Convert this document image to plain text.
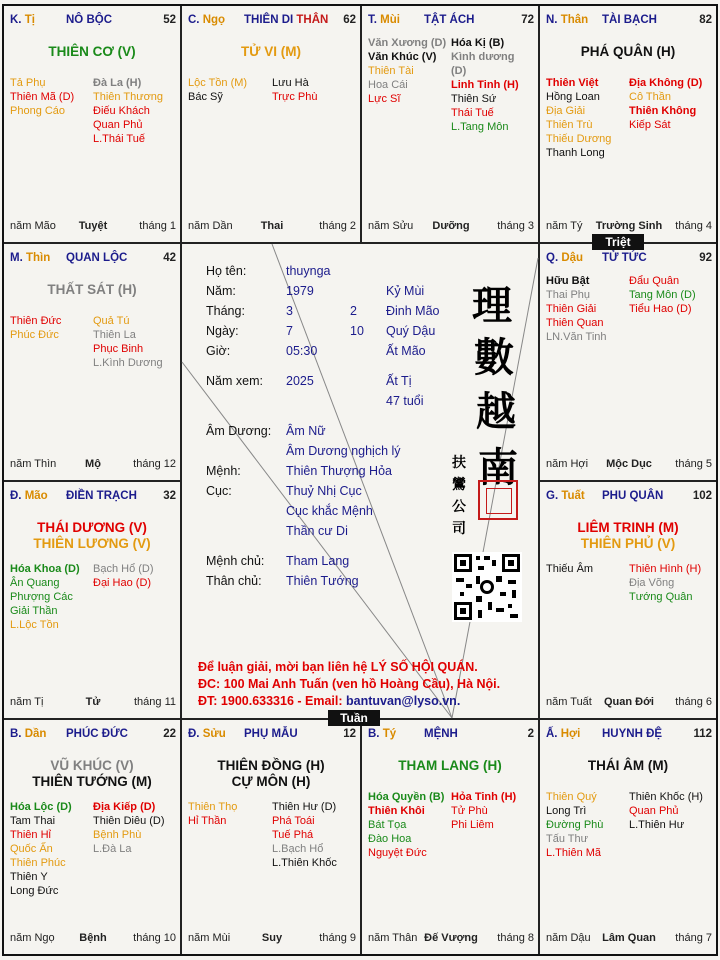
K. Tị	NÔ BỘC	52
THIÊN CƠ (V)
Tả Phụ
Thiên Mã (D)
Phong Cáo
Đà La (H)
Thiên Thương
Điếu Khách
Quan Phủ
L.Thái Tuế
năm Mão	Tuyệt	tháng 1
C. Ngọ THIÊN DI THÂN 62
TỬ VI (M)
Lộc Tồn (M)
Bác Sỹ
Lưu Hà
Trực Phù
năm Dần	Thai	tháng 2
T. Mùi TẬT ÁCH	72
Văn Xương (D)
Văn Khúc (V)
Thiên Tài
Hoa Cái
Lực Sĩ
Hóa Kị (B)
Kình dương (D)
Linh Tinh (H)
Thiên Sứ
Thái Tuế
L.Tang Môn
năm Sửu	Dưỡng	tháng 3
N. Thân TÀI BẠCH	82
PHÁ QUÂN (H)
Thiên Việt
Hồng Loan
Địa Giải
Thiên Trù
Thiếu Dương
Thanh Long
Địa Không (D)
Cô Thần
Thiên Không
Kiếp Sát
năm Tý	Trường Sinh	tháng 4
M. Thìn QUAN LỘC	42
THẤT SÁT (H)
Thiên Đức
Phúc Đức
Quả Tú
Thiên La
Phục Binh
L.Kình Dương
năm Thìn	Mộ	tháng 12
Q. Dậu TỬ TỨC	92
Hữu Bật
Thai Phụ
Thiên Giải
Thiên Quan
LN.Văn Tinh
Đẩu Quân
Tang Môn (D)
Tiểu Hao (D)
năm Hợi	Mộc Dục	tháng 5
Đ. Mão ĐIỀN TRẠCH 32
THÁI DƯƠNG (V)
THIÊN LƯƠNG (V)
Hóa Khoa (D)
Ân Quang
Phượng Các
Giải Thần
L.Lộc Tồn
Bạch Hổ (D)
Đại Hao (D)
năm Tị	Tử	tháng 11
G. Tuất PHU QUÂN	102
LIÊM TRINH (M)
THIÊN PHỦ (V)
Thiếu Âm	Thiên Hình (H)
Địa Võng
Tướng Quân
năm Tuất	Quan Đới	tháng 6
B. Dần PHÚC ĐỨC	22
VŨ KHÚC (V)
THIÊN TƯỚNG (M)
Hóa Lộc (D)
Tam Thai
Thiên Hỉ
Quốc Ấn
Thiên Phúc
Thiên Y
Long Đức
Địa Kiếp (D)
Thiên Diêu (D)
Bệnh Phù
L.Đà La
năm Ngọ	Bệnh	tháng 10
Đ. Sửu PHỤ MẪU	12
THIÊN ĐỒNG (H)
CỰ MÔN (H)
Thiên Thọ
Hỉ Thần
Thiên Hư (D)
Phá Toái
Tuế Phá
L.Bạch Hổ
L.Thiên Khốc
năm Mùi	Suy	tháng 9
B. Tý MỆNH	2
THAM LANG (H)
Hóa Quyền (B)
Thiên Khôi
Bát Tọa
Đào Hoa
Nguyệt Đức
Hỏa Tinh (H)
Tử Phù
Phi Liêm
năm Thân Đế Vượng	tháng 8
Ấ. Hợi HUYNH ĐỆ	112
THÁI ÂM (M)
Thiên Quý
Long Trì
Đường Phù
Tấu Thư
L.Thiên Mã
Thiên Khốc (H)
Quan Phủ
L.Thiên Hư
năm Dậu	Lâm Quan	tháng 7
Triệt
Tuần
Họ tên:	thuynga
Năm:	1979	Kỷ Mùi
Tháng:	3	2 Đinh Mão
Ngày:	7	10 Quý Dậu
Giờ:	05:30	Ất Mão
Năm xem: 2025	Ất Tị
47 tuổi
Âm Dương: Âm Nữ
Âm Dương nghịch lý
Mệnh:	Thiên Thượng Hỏa
Cục:	Thuỷ Nhị Cục
Cục khắc Mệnh
Thần cư Di
Mệnh chủ: Tham Lang
Thân chủ: Thiên Tướng
理
數
越
南
扶
鸞
公
司
Để luận giải, mời bạn liên hệ LÝ SỐ HỘI QUÁN.
ĐC: 100 Mai Anh Tuấn (ven hồ Hoàng Cầu), Hà Nội.
ĐT: 1900.633316 - Email: bantuvan@lyso.vn.
